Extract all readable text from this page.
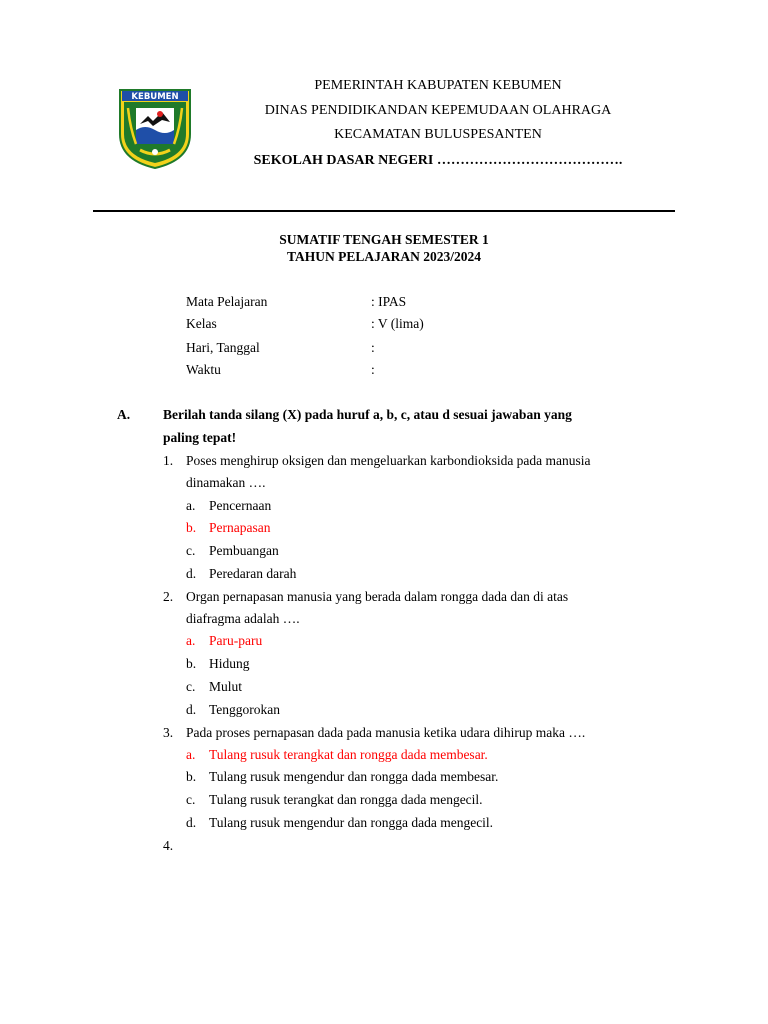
KEBUMEN
PEMERINTAH KABUPATEN KEBUMEN
DINAS PENDIDIKANDAN KEPEMUDAAN OLAHRAGA
KECAMATAN BULUSPESANTEN
SEKOLAH DASAR NEGERI ………………………………….
SUMATIF TENGAH SEMESTER 1
TAHUN PELAJARAN 2023/2024
Mata Pelajaran	: IPAS
Kelas	: V (lima)
Hari, Tanggal	:
Waktu	:
A. Berilah tanda silang (X) pada huruf a, b, c, atau d sesuai jawaban yang
paling tepat!
1. Poses menghirup oksigen dan mengeluarkan karbondioksida pada manusia
dinamakan ….
a. Pencernaan
b. Pernapasan
c. Pembuangan
d. Peredaran darah
2. Organ pernapasan manusia yang berada dalam rongga dada dan di atas
diafragma adalah ….
a. Paru-paru
b. Hidung
c. Mulut
d. Tenggorokan
3. Pada proses pernapasan dada pada manusia ketika udara dihirup maka ….
a. Tulang rusuk terangkat dan rongga dada membesar.
b. Tulang rusuk mengendur dan rongga dada membesar.
c. Tulang rusuk terangkat dan rongga dada mengecil.
d. Tulang rusuk mengendur dan rongga dada mengecil.
4.
